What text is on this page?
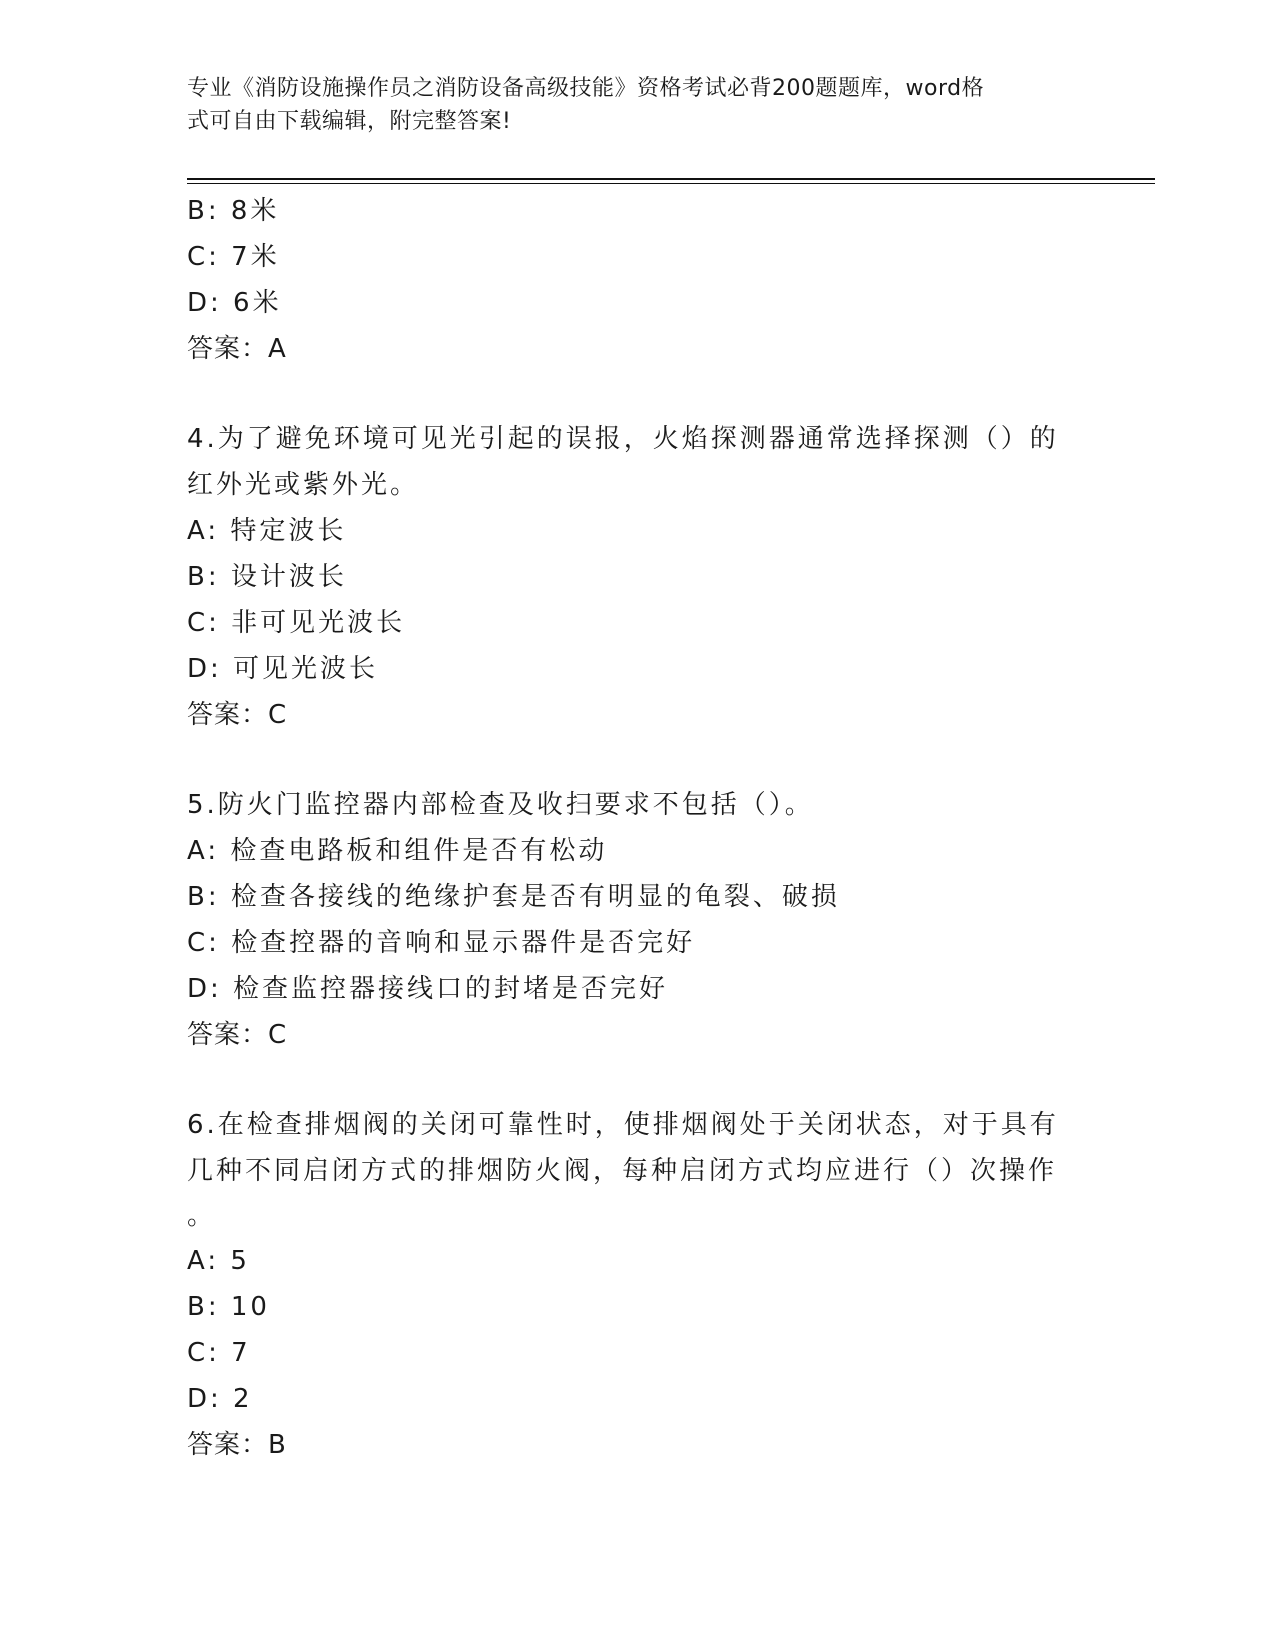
专业《消防设施操作员之消防设备高级技能》资格考试必背200题题库，word格
式可自由下载编辑，附完整答案!
B: 8米
C: 7米
D: 6米
答案：A
4.为了避免环境可见光引起的误报，火焰探测器通常选择探测（）的
红外光或紫外光。
A: 特定波长
B: 设计波长
C: 非可见光波长
D: 可见光波长
答案：C
5.防火门监控器内部检查及收扫要求不包括（）。
A: 检查电路板和组件是否有松动
B: 检查各接线的绝缘护套是否有明显的龟裂、破损
C: 检查控器的音响和显示器件是否完好
D: 检查监控器接线口的封堵是否完好
答案：C
6.在检查排烟阀的关闭可靠性时，使排烟阀处于关闭状态，对于具有
几种不同启闭方式的排烟防火阀，每种启闭方式均应进行（）次操作
。
A: 5
B: 10
C: 7
D: 2
答案：B
